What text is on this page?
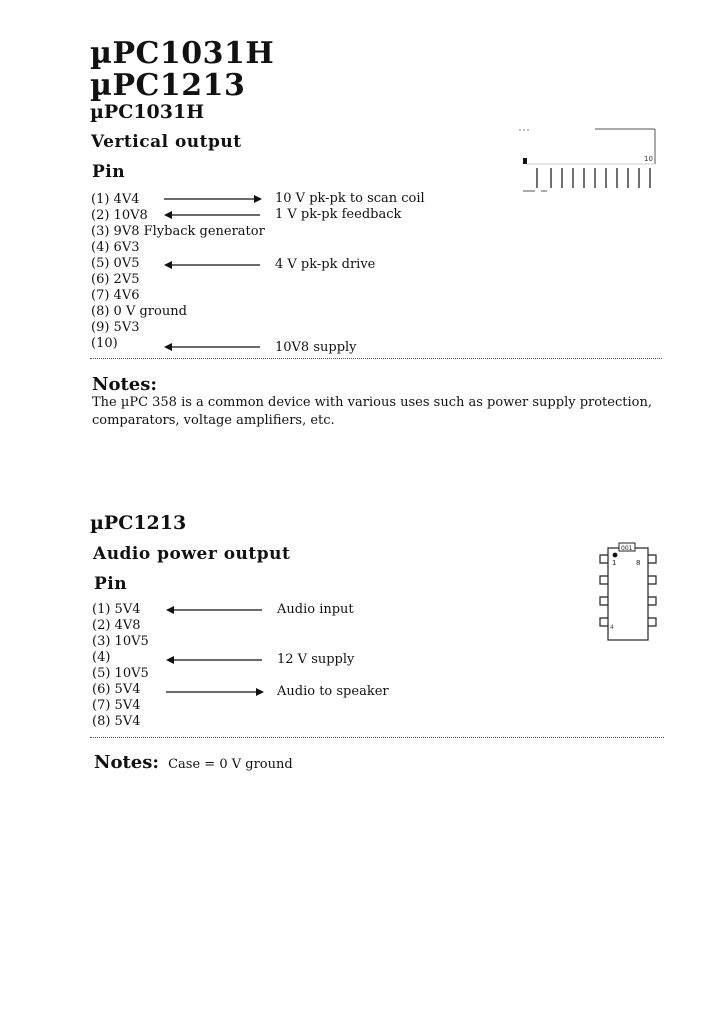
µPC1031H
µPC1213
µPC1031H
Vertical output
Pin
(1) 4V4
(2) 10V8
(3) 9V8 Flyback generator
(4) 6V3
(5) 0V5
(6) 2V5
(7) 4V6
(8) 0 V ground
(9) 5V3
(10)
10 V pk-pk to scan coil
1 V pk-pk feedback
4 V pk-pk drive
10V8 supply
10
Notes:
The µPC 358 is a common device with various uses such as power supply protection, comparators, voltage amplifiers, etc.
µPC1213
Audio power output
Pin
(1) 5V4
(2) 4V8
(3) 10V5
(4)
(5) 10V5
(6) 5V4
(7) 5V4
(8) 5V4
Audio input
12 V supply
Audio to speaker
001
1	8
4
Notes: Case = 0 V ground
